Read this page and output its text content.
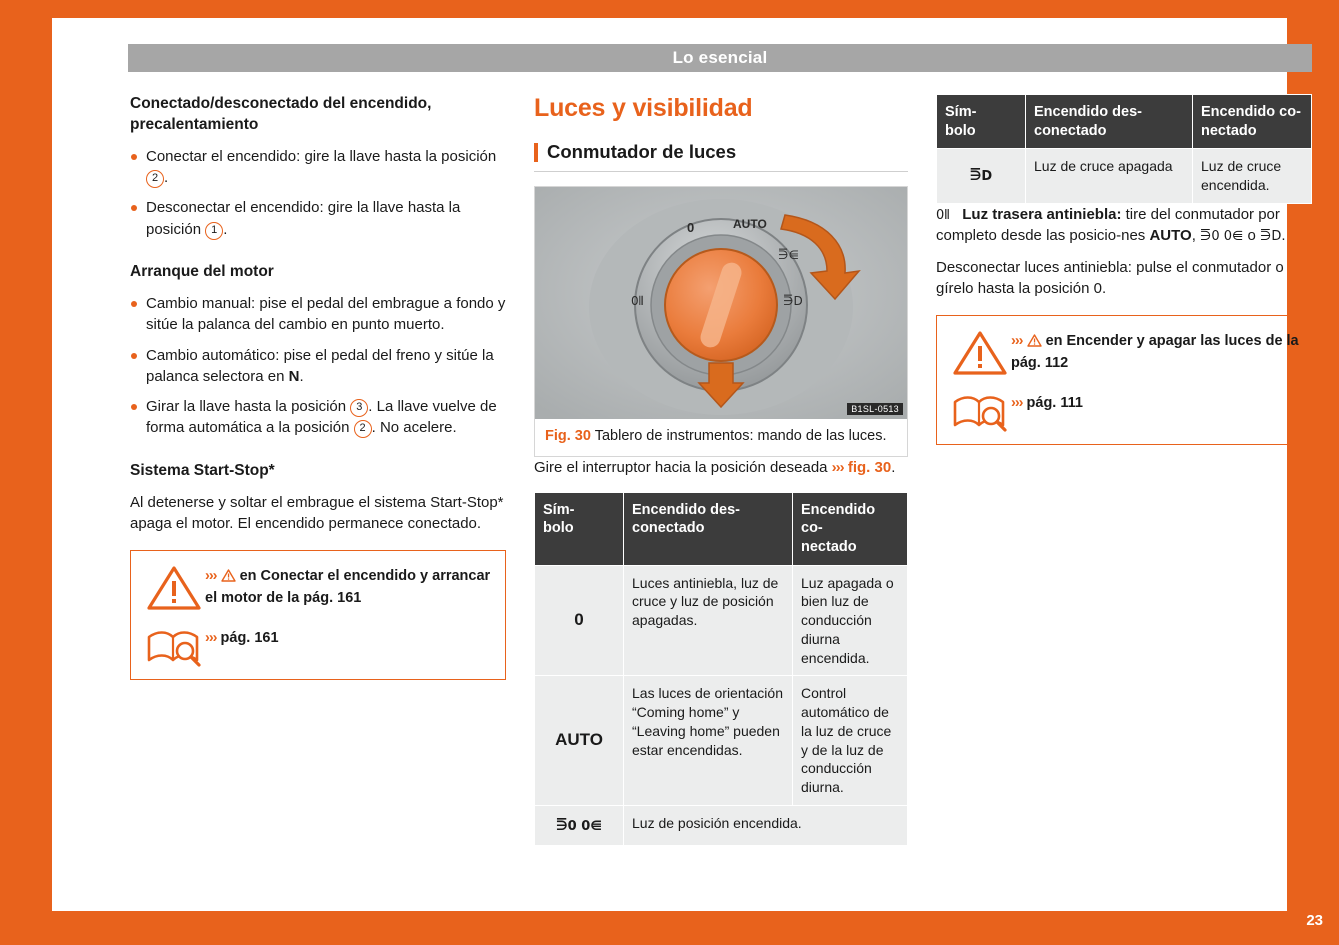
Lo esencial
Conectado/desconectado del encendido, precalentamiento
Conectar el encendido: gire la llave hasta la posición 2 .
Desconectar el encendido: gire la llave hasta la posición 1 .
Arranque del motor
Cambio manual: pise el pedal del embrague a fondo y sitúe la palanca del cambio en punto muerto.
Cambio automático: pise el pedal del freno y sitúe la palanca selectora en N.
Girar la llave hasta la posición 3 . La llave vuelve de forma automática a la posición 2 . No acelere.
Sistema Start-Stop*

Al detenerse y soltar el embrague el sistema Start-Stop* apaga el motor. El encendido permanece conectado.

››› en Conectar el encendido y arrancar el motor de la pág. 161
››› pág. 161
Luces y visibilidad
Conmutador de luces
0	AUTO
⋽⋹
⋽D
0⫴
B1SL-0513
Fig. 30 Tablero de instrumentos: mando de las luces.

Gire el interruptor hacia la posición deseada ››› fig. 30.

Sím-
bolo	Encendido des-
conectado	Encendido co-
nectado
0	Luces antiniebla, luz de cruce y luz de posición apagadas.	Luz apagada o bien luz de conducción diurna encendida.
AUTO	Las luces de orientación “Coming home” y “Leaving home” pueden estar encendidas.	Control automático de la luz de cruce y de la luz de conducción diurna.
⋽0 0⋹	Luz de posición encendida.	
Sím-
bolo	Encendido des-
conectado	Encendido co-
nectado
⋽D	Luz de cruce apagada	Luz de cruce encendida.

0⫴ Luz trasera antiniebla: tire del conmutador por completo desde las posicio-nes AUTO, ⋽0 0⋹ o ⋽D.

Desconectar luces antiniebla: pulse el conmutador o gírelo hasta la posición 0.

››› en Encender y apagar las luces de la pág. 112
››› pág. 111
23
